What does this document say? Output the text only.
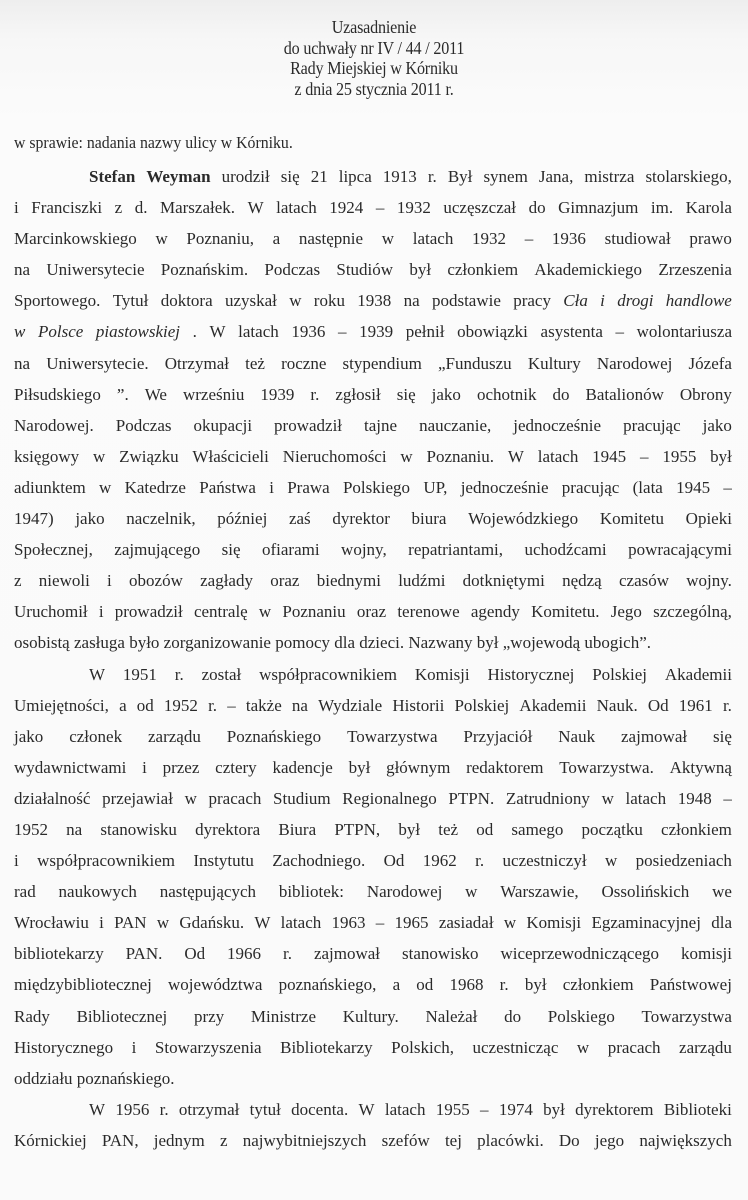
Uzasadnienie
do uchwały nr IV / 44 / 2011
Rady Miejskiej w Kórniku
z dnia 25 stycznia 2011 r.
w sprawie: nadania nazwy ulicy w Kórniku.
Stefan Weyman urodził się 21 lipca 1913 r. Był synem Jana, mistrza stolarskiego,
i Franciszki z d. Marszałek. W latach 1924 – 1932 uczęszczał do Gimnazjum im. Karola
Marcinkowskiego w Poznaniu, a następnie w latach 1932 – 1936 studiował prawo
na Uniwersytecie Poznańskim. Podczas Studiów był członkiem Akademickiego Zrzeszenia
Sportowego. Tytuł doktora uzyskał w roku 1938 na podstawie pracy Cła i drogi handlowe
w Polsce piastowskiej . W latach 1936 – 1939 pełnił obowiązki asystenta – wolontariusza
na Uniwersytecie. Otrzymał też roczne stypendium „Funduszu Kultury Narodowej Józefa
Piłsudskiego ”. We wrześniu 1939 r. zgłosił się jako ochotnik do Batalionów Obrony
Narodowej. Podczas okupacji prowadził tajne nauczanie, jednocześnie pracując jako
księgowy w Związku Właścicieli Nieruchomości w Poznaniu. W latach 1945 – 1955 był
adiunktem w Katedrze Państwa i Prawa Polskiego UP, jednocześnie pracując (lata 1945 –
1947) jako naczelnik, później zaś dyrektor biura Wojewódzkiego Komitetu Opieki
Społecznej, zajmującego się ofiarami wojny, repatriantami, uchodźcami powracającymi
z niewoli i obozów zagłady oraz biednymi ludźmi dotkniętymi nędzą czasów wojny.
Uruchomił i prowadził centralę w Poznaniu oraz terenowe agendy Komitetu. Jego szczególną,
osobistą zasługa było zorganizowanie pomocy dla dzieci. Nazwany był „wojewodą ubogich”.
W 1951 r. został współpracownikiem Komisji Historycznej Polskiej Akademii
Umiejętności, a od 1952 r. – także na Wydziale Historii Polskiej Akademii Nauk. Od 1961 r.
jako członek zarządu Poznańskiego Towarzystwa Przyjaciół Nauk zajmował się
wydawnictwami i przez cztery kadencje był głównym redaktorem Towarzystwa. Aktywną
działalność przejawiał w pracach Studium Regionalnego PTPN. Zatrudniony w latach 1948 –
1952 na stanowisku dyrektora Biura PTPN, był też od samego początku członkiem
i współpracownikiem Instytutu Zachodniego. Od 1962 r. uczestniczył w posiedzeniach
rad naukowych następujących bibliotek: Narodowej w Warszawie, Ossolińskich we
Wrocławiu i PAN w Gdańsku. W latach 1963 – 1965 zasiadał w Komisji Egzaminacyjnej dla
bibliotekarzy PAN. Od 1966 r. zajmował stanowisko wiceprzewodniczącego komisji
międzybibliotecznej województwa poznańskiego, a od 1968 r. był członkiem Państwowej
Rady Bibliotecznej przy Ministrze Kultury. Należał do Polskiego Towarzystwa
Historycznego i Stowarzyszenia Bibliotekarzy Polskich, uczestnicząc w pracach zarządu
oddziału poznańskiego.
W 1956 r. otrzymał tytuł docenta. W latach 1955 – 1974 był dyrektorem Biblioteki
Kórnickiej PAN, jednym z najwybitniejszych szefów tej placówki. Do jego największych
